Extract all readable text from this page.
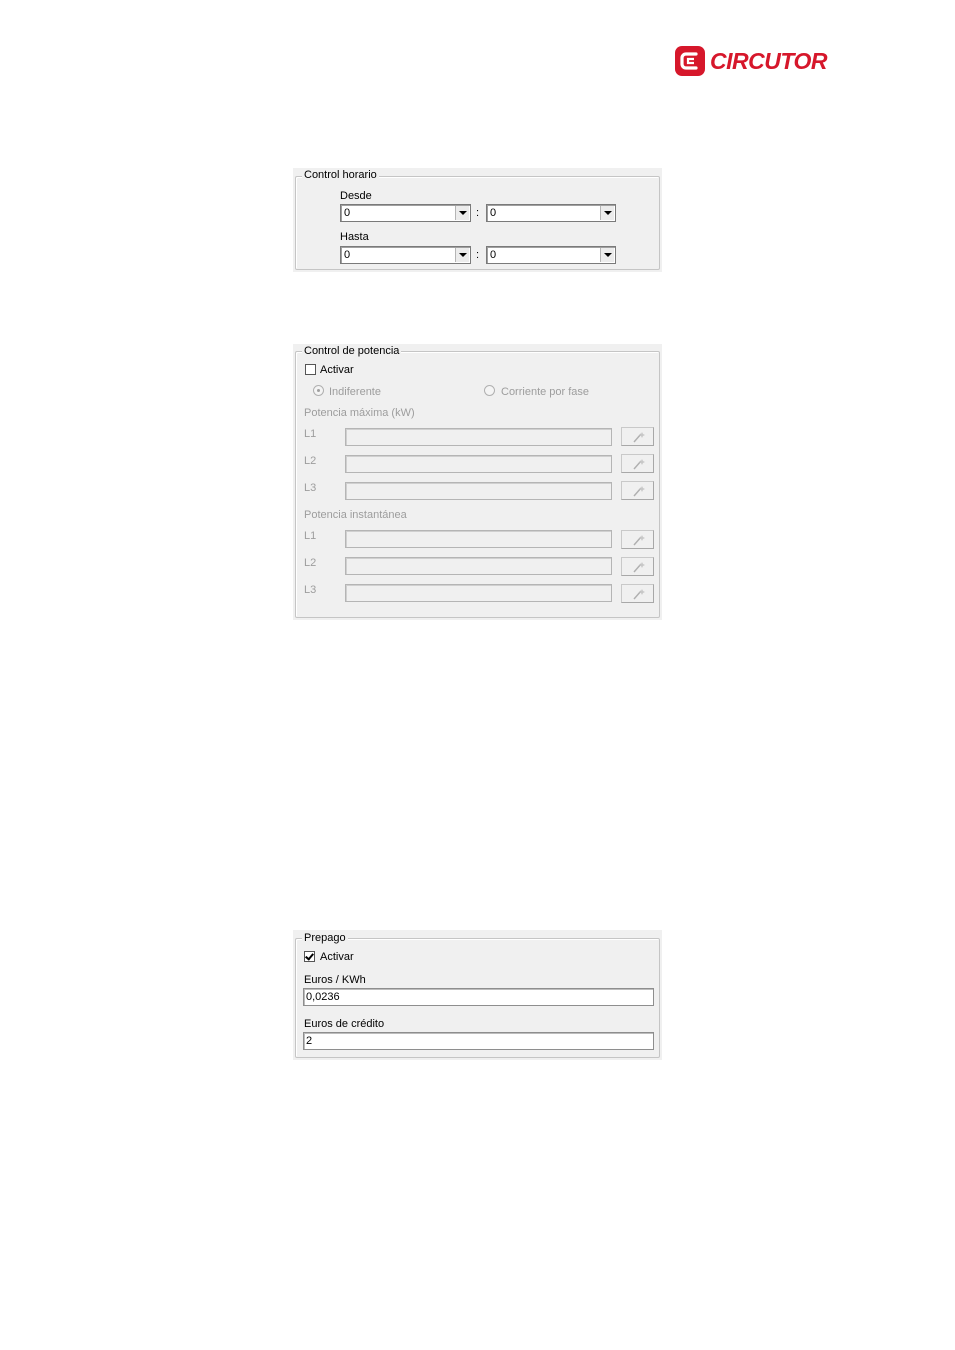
CIRCUTOR
Control horario
Desde
0	: 0
Hasta
0	: 0
Control de potencia
Activar
Indiferente	Corriente por fase
Potencia máxima (kW)
L1
L2
L3
Potencia instantánea
L1
L2
L3
Prepago
Activar
Euros / KWh
0,0236
Euros de crédito
2
